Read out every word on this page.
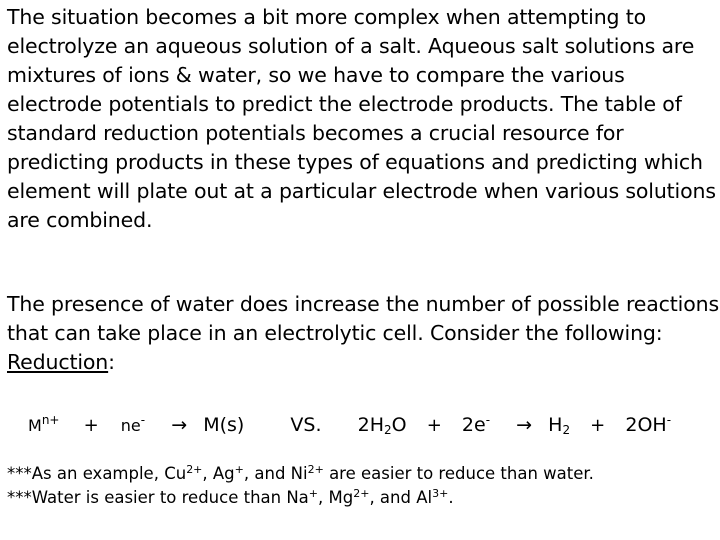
The situation becomes a bit more complex when attempting to electrolyze an aqueous solution of a salt. Aqueous salt solutions are mixtures of ions & water, so we have to compare the various electrode potentials to predict the electrode products. The table of standard reduction potentials becomes a crucial resource for predicting products in these types of equations and predicting which element will plate out at a particular electrode when various solutions are combined.
The presence of water does increase the number of possible reactions that can take place in an electrolytic cell. Consider the following:
Reduction:
$M^{n+} + ne^- \to M(s)$ VS. $2H_2O + 2e^- \to H_2 + 2OH^-$
***As an example, $Cu^{2+}$, Ag+, and $Ni^{2+}$ are easier to reduce than water.
***Water is easier to reduce than Na+, $Mg^{2+}$, and $Al^{3+}$.
